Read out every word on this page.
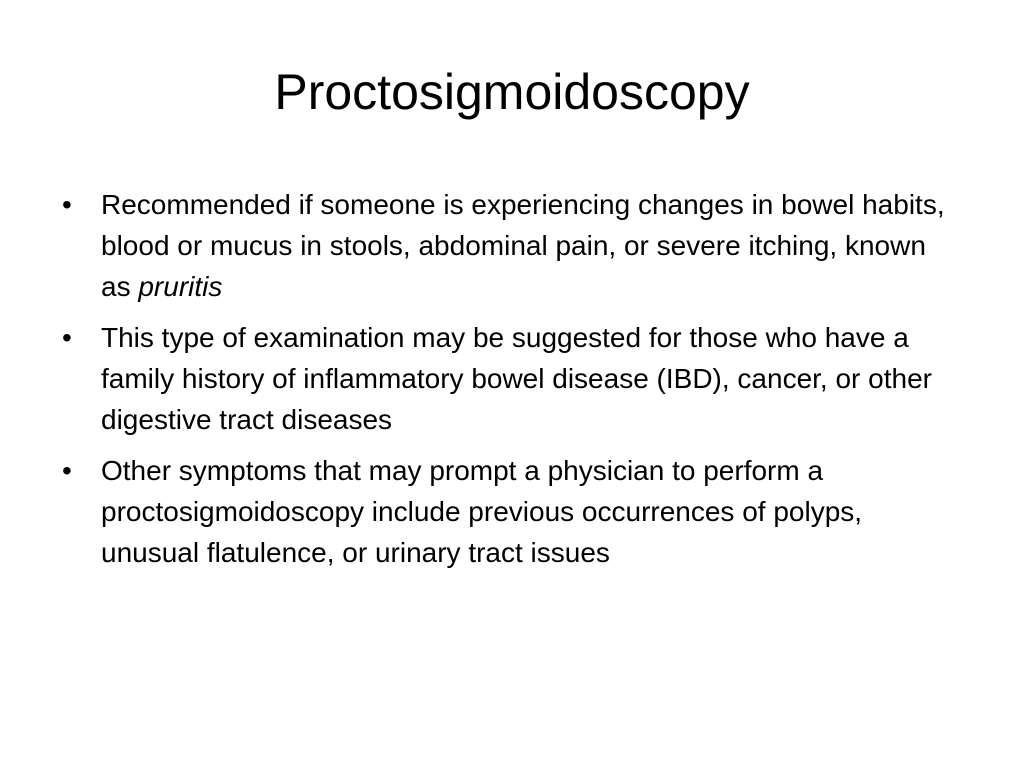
Proctosigmoidoscopy
•	Recommended if someone is experiencing changes in bowel habits, blood or mucus in stools, abdominal pain, or severe itching, known as pruritis
•	This type of examination may be suggested for those who have a family history of inflammatory bowel disease (IBD), cancer, or other digestive tract diseases
•	Other symptoms that may prompt a physician to perform a proctosigmoidoscopy include previous occurrences of polyps, unusual flatulence, or urinary tract issues
